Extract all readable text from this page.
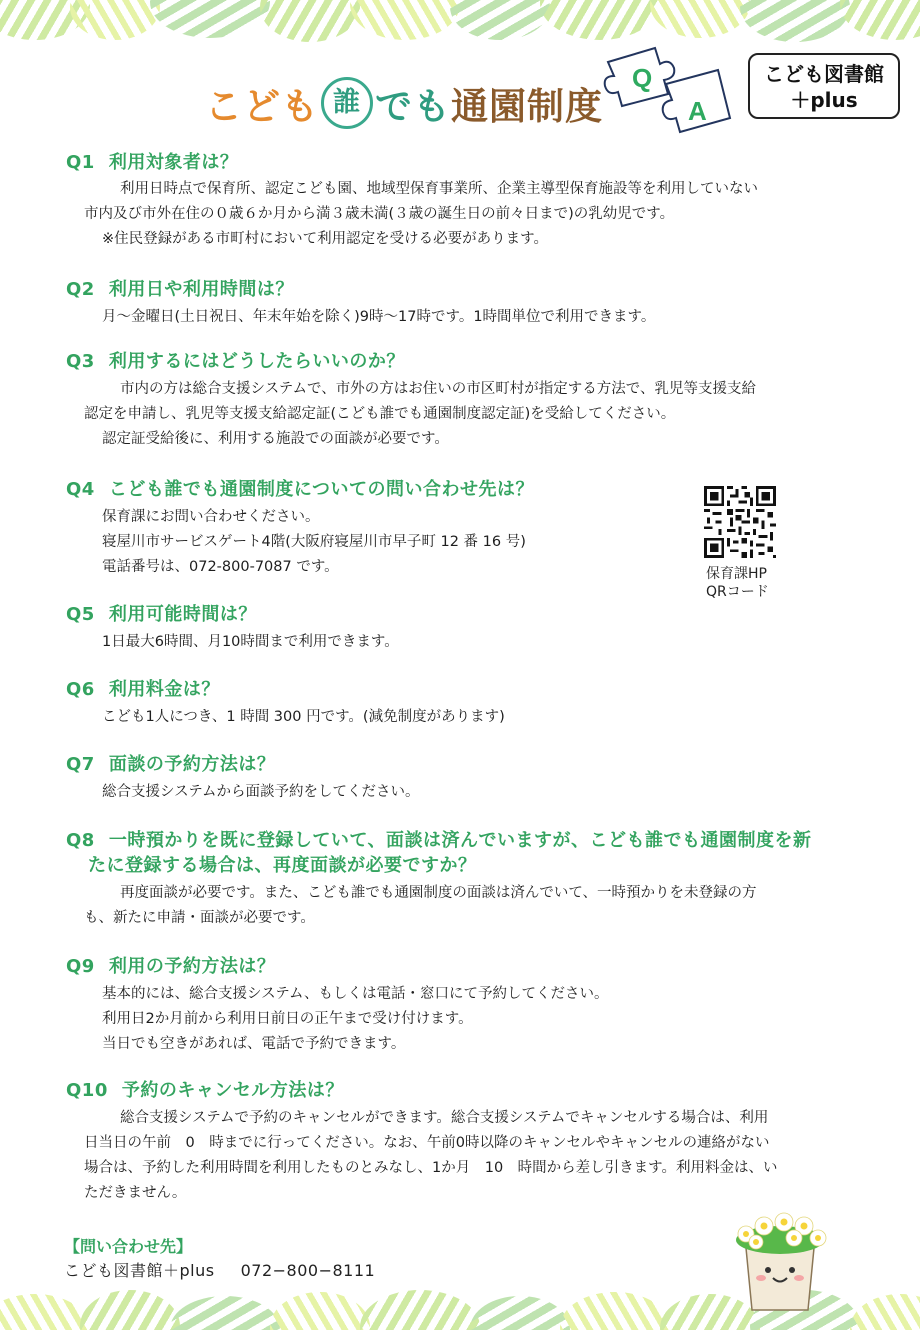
こども 誰 でも 通園制度
Q
A
こども図書館
＋plus

Q1 利用対象者は？

利用日時点で保育所、認定こども園、地域型保育事業所、企業主導型保育施設等を利用していない
市内及び市外在住の０歳６か月から満３歳未満(３歳の誕生日の前々日まで)の乳幼児です。
※住民登録がある市町村において利用認定を受ける必要があります。

Q2 利用日や利用時間は？

月～金曜日(土日祝日、年末年始を除く)9時～17時です。1時間単位で利用できます。

Q3 利用するにはどうしたらいいのか？

市内の方は総合支援システムで、市外の方はお住いの市区町村が指定する方法で、乳児等支援支給
認定を申請し、乳児等支援支給認定証(こども誰でも通園制度認定証)を受給してください。
認定証受給後に、利用する施設での面談が必要です。

Q4 こども誰でも通園制度についての問い合わせ先は？

保育課にお問い合わせください。
寝屋川市サービスゲート4階(大阪府寝屋川市早子町 12 番 16 号)
電話番号は、072-800-7087 です。	保育課HP
QRコード

Q5 利用可能時間は？

1日最大6時間、月10時間まで利用できます。

Q6 利用料金は？

こども1人につき、1 時間 300 円です。(減免制度があります)

Q7 面談の予約方法は？

総合支援システムから面談予約をしてください。

Q8 一時預かりを既に登録していて、面談は済んでいますが、こども誰でも通園制度を新
たに登録する場合は、再度面談が必要ですか？

再度面談が必要です。また、こども誰でも通園制度の面談は済んでいて、一時預かりを未登録の方
も、新たに申請・面談が必要です。

Q9 利用の予約方法は？

基本的には、総合支援システム、もしくは電話・窓口にて予約してください。
利用日2か月前から利用日前日の正午まで受け付けます。
当日でも空きがあれば、電話で予約できます。

Q10 予約のキャンセル方法は？

総合支援システムで予約のキャンセルができます。総合支援システムでキャンセルする場合は、利用
日当日の午前　0　時までに行ってください。なお、午前0時以降のキャンセルやキャンセルの連絡がない
場合は、予約した利用時間を利用したものとみなし、1か月　10　時間から差し引きます。利用料金は、い
ただきません。
【問い合わせ先】
こども図書館＋plus 072−800−8111
